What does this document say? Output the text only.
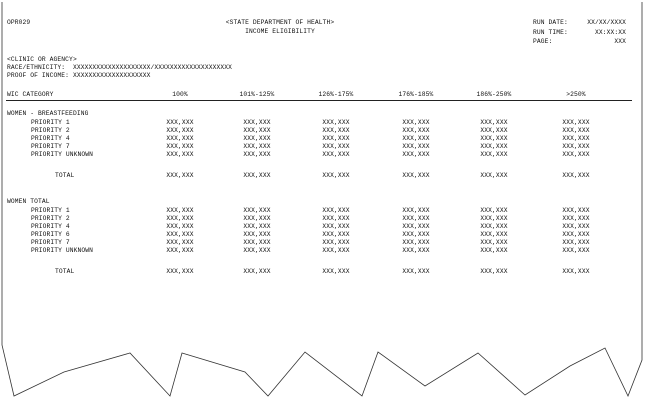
OPR029	<STATE DEPARTMENT OF HEALTH>
INCOME ELIGIBILITY
RUN DATE:	XX/XX/XXXX
RUN TIME:	XX:XX:XX
PAGE:	XXX
<CLINIC OR AGENCY>
RACE/ETHNICITY:  XXXXXXXXXXXXXXXXXXXX/XXXXXXXXXXXXXXXXXXXX
PROOF OF INCOME: XXXXXXXXXXXXXXXXXXXX
WIC CATEGORY	100%	101%-125%	126%-175%	176%-185%	186%-250%	>250%
WOMEN - BREASTFEEDING
PRIORITY 1	XXX,XXX	XXX,XXX	XXX,XXX	XXX,XXX	XXX,XXX	XXX,XXX
PRIORITY 2	XXX,XXX	XXX,XXX	XXX,XXX	XXX,XXX	XXX,XXX	XXX,XXX
PRIORITY 4	XXX,XXX	XXX,XXX	XXX,XXX	XXX,XXX	XXX,XXX	XXX,XXX
PRIORITY 7	XXX,XXX	XXX,XXX	XXX,XXX	XXX,XXX	XXX,XXX	XXX,XXX
PRIORITY UNKNOWN	XXX,XXX	XXX,XXX	XXX,XXX	XXX,XXX	XXX,XXX	XXX,XXX
TOTAL	XXX,XXX	XXX,XXX	XXX,XXX	XXX,XXX	XXX,XXX	XXX,XXX
WOMEN TOTAL
PRIORITY 1	XXX,XXX	XXX,XXX	XXX,XXX	XXX,XXX	XXX,XXX	XXX,XXX
PRIORITY 2	XXX,XXX	XXX,XXX	XXX,XXX	XXX,XXX	XXX,XXX	XXX,XXX
PRIORITY 4	XXX,XXX	XXX,XXX	XXX,XXX	XXX,XXX	XXX,XXX	XXX,XXX
PRIORITY 6	XXX,XXX	XXX,XXX	XXX,XXX	XXX,XXX	XXX,XXX	XXX,XXX
PRIORITY 7	XXX,XXX	XXX,XXX	XXX,XXX	XXX,XXX	XXX,XXX	XXX,XXX
PRIORITY UNKNOWN	XXX,XXX	XXX,XXX	XXX,XXX	XXX,XXX	XXX,XXX	XXX,XXX
TOTAL	XXX,XXX	XXX,XXX	XXX,XXX	XXX,XXX	XXX,XXX	XXX,XXX
